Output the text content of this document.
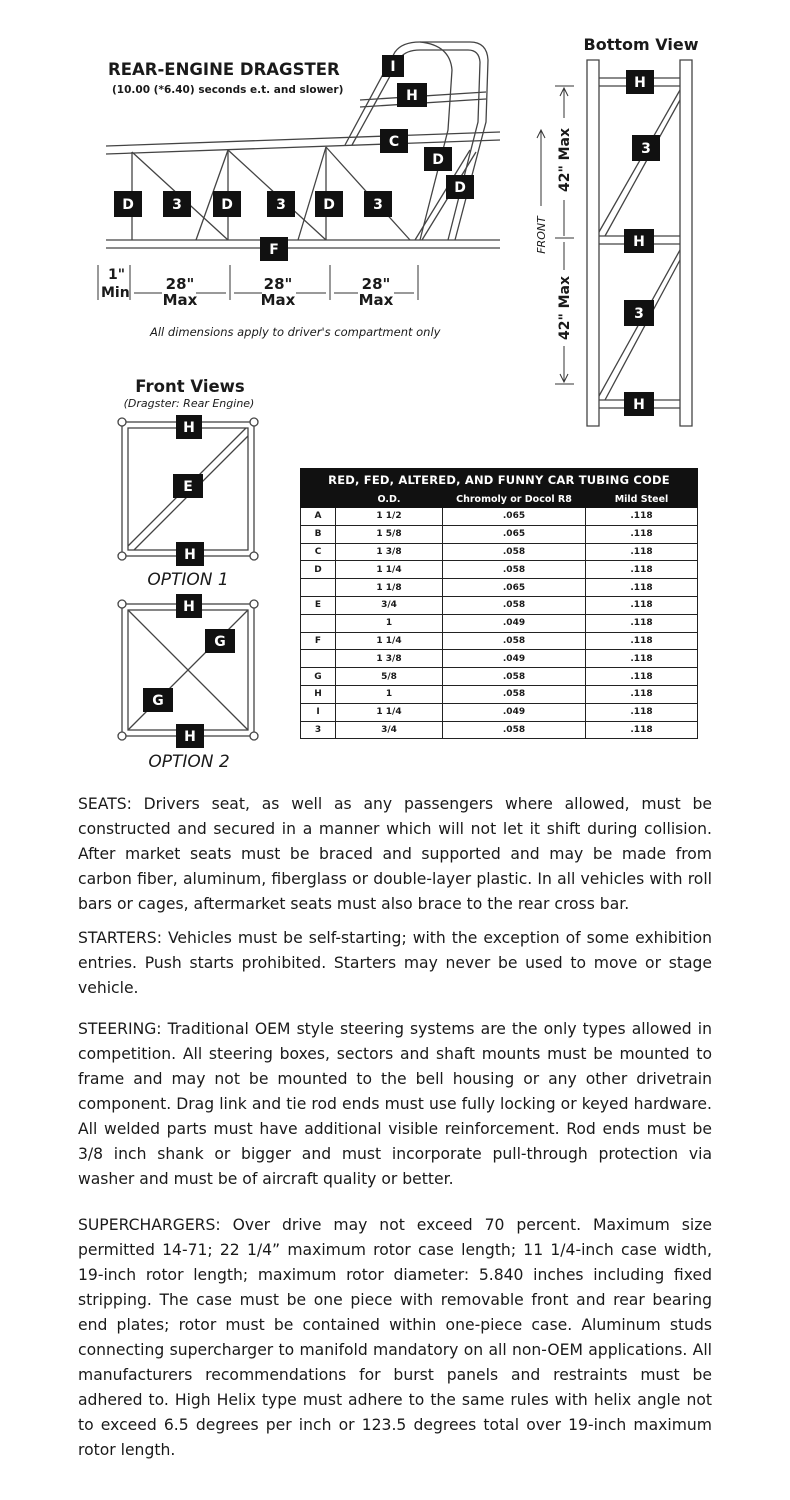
REAR-ENGINE DRAGSTER
(10.00 (*6.40) seconds e.t. and slower)
I
H
C
D
D
D	3	D	3	D	3
F
1"
Min 28"
Max
28"
Max
28"
Max
All dimensions apply to driver's compartment only
Bottom View
H
3
H
3
H
42" Max
42" Max
FRONT
Front Views
(Dragster: Rear Engine)
H
E
H
OPTION 1
H
G
G
H
OPTION 2
RED, FED, ALTERED, AND FUNNY CAR TUBING CODE			
	O.D.	Chromoly or Docol R8	Mild Steel
A	1 1/2	.065	.118
B	1 5/8	.065	.118
C	1 3/8	.058	.118
D	1 1/4	.058	.118
	1 1/8	.065	.118
E	3/4	.058	.118
	1	.049	.118
F	1 1/4	.058	.118
	1 3/8	.049	.118
G	5/8	.058	.118
H	1	.058	.118
I	1 1/4	.049	.118
3	3/4	.058	.118

SEATS: Drivers seat, as well as any passengers where allowed, must be constructed and secured in a manner which will not let it shift during collision. After market seats must be braced and supported and may be made from carbon fiber, aluminum, fiberglass or double-layer plastic. In all vehicles with roll bars or cages, aftermarket seats must also brace to the rear cross bar.

STARTERS: Vehicles must be self-starting; with the exception of some exhibition entries. Push starts prohibited. Starters may never be used to move or stage vehicle.

STEERING: Traditional OEM style steering systems are the only types allowed in competition. All steering boxes, sectors and shaft mounts must be mounted to frame and may not be mounted to the bell housing or any other drivetrain component. Drag link and tie rod ends must use fully locking or keyed hardware. All welded parts must have additional visible reinforcement. Rod ends must be 3/8 inch shank or bigger and must incorporate pull-through protection via washer and must be of aircraft quality or better.

SUPERCHARGERS: Over drive may not exceed 70 percent. Maximum size permitted 14-71; 22 1/4” maximum rotor case length; 11 1/4-inch case width, 19-inch rotor length; maximum rotor diameter: 5.840 inches including fixed stripping. The case must be one piece with removable front and rear bearing end plates; rotor must be contained within one-piece case. Aluminum studs connecting supercharger to manifold mandatory on all non-OEM applications. All manufacturers recommendations for burst panels and restraints must be adhered to. High Helix type must adhere to the same rules with helix angle not to exceed 6.5 degrees per inch or 123.5 degrees total over 19-inch maximum rotor length.
